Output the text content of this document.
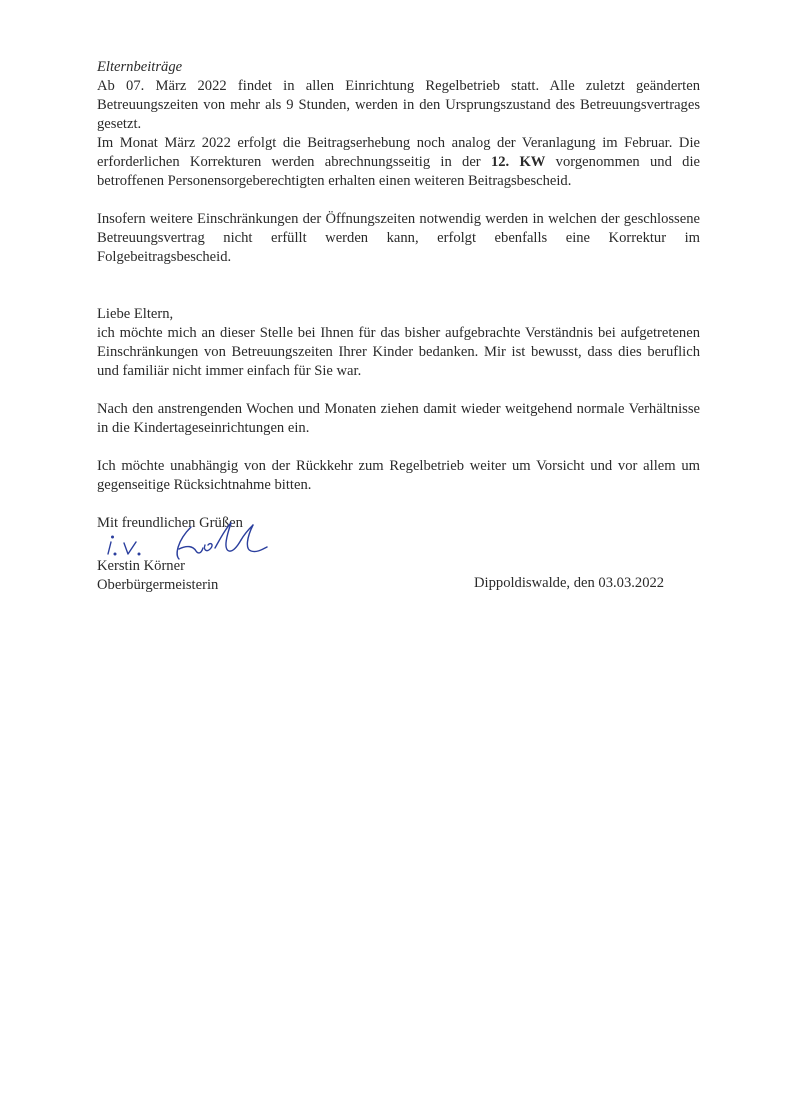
Elternbeiträge

Ab 07. März 2022 findet in allen Einrichtung Regelbetrieb statt. Alle zuletzt geänderten Betreuungszeiten von mehr als 9 Stunden, werden in den Ursprungszustand des Betreuungsvertrages gesetzt.

Im Monat März 2022 erfolgt die Beitragserhebung noch analog der Veranlagung im Februar. Die erforderlichen Korrekturen werden abrechnungsseitig in der 12. KW vorgenommen und die betroffenen Personensorgeberechtigten erhalten einen weiteren Beitragsbescheid.

Insofern weitere Einschränkungen der Öffnungszeiten notwendig werden in welchen der geschlossene Betreuungsvertrag nicht erfüllt werden kann, erfolgt ebenfalls eine Korrektur im Folgebeitragsbescheid.

Liebe Eltern,

ich möchte mich an dieser Stelle bei Ihnen für das bisher aufgebrachte Verständnis bei aufgetretenen Einschränkungen von Betreuungszeiten Ihrer Kinder bedanken. Mir ist bewusst, dass dies beruflich und familiär nicht immer einfach für Sie war.

Nach den anstrengenden Wochen und Monaten ziehen damit wieder weitgehend normale Verhältnisse in die Kindertageseinrichtungen ein.

Ich möchte unabhängig von der Rückkehr zum Regelbetrieb weiter um Vorsicht und vor allem um gegenseitige Rücksichtnahme bitten.

Mit freundlichen Grüßen

Kerstin Körner

Oberbürgermeisterin	Dippoldiswalde, den 03.03.2022
